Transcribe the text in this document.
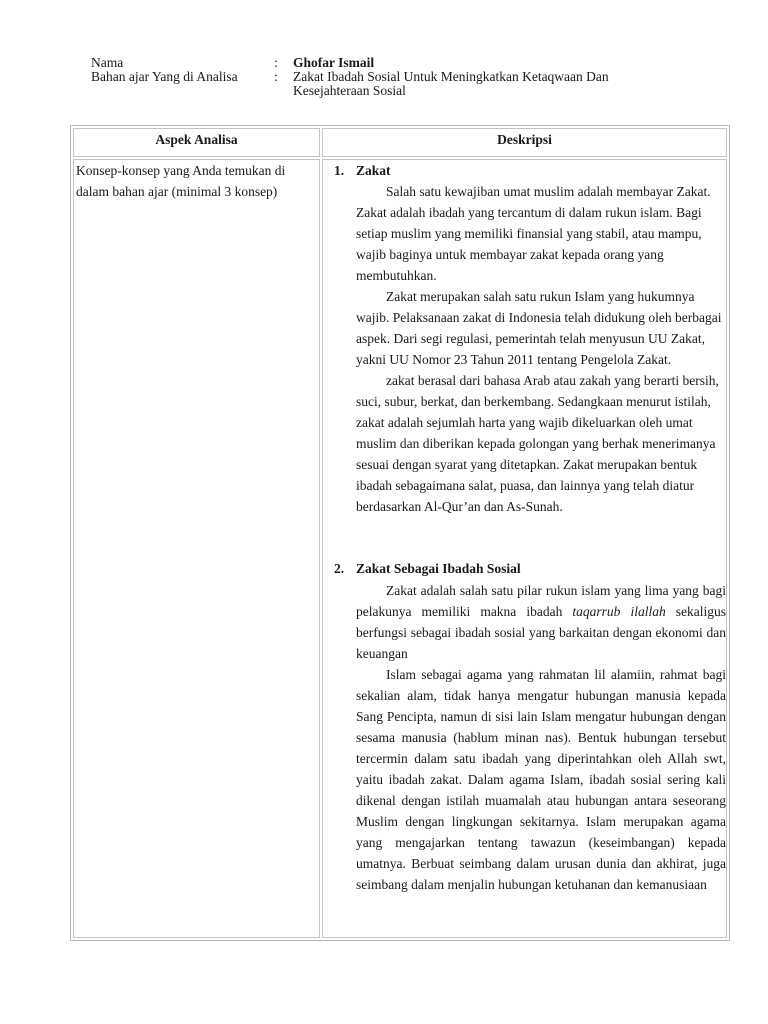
Nama	:	Ghofar Ismail
Bahan ajar Yang di Analisa	:	Zakat Ibadah Sosial Untuk Meningkatkan Ketaqwaan Dan
Kesejahteraan Sosial
Aspek Analisa	Deskripsi
Konsep-konsep yang Anda temukan di dalam bahan ajar (minimal 3 konsep)
1. Zakat

Salah satu kewajiban umat muslim adalah membayar Zakat. Zakat adalah ibadah yang tercantum di dalam rukun islam. Bagi setiap muslim yang memiliki finansial yang stabil, atau mampu, wajib baginya untuk membayar zakat kepada orang yang membutuhkan.

Zakat merupakan salah satu rukun Islam yang hukumnya wajib. Pelaksanaan zakat di Indonesia telah didukung oleh berbagai aspek. Dari segi regulasi, pemerintah telah menyusun UU Zakat, yakni UU Nomor 23 Tahun 2011 tentang Pengelola Zakat.

zakat berasal dari bahasa Arab atau zakah yang berarti bersih, suci, subur, berkat, dan berkembang. Sedangkaan menurut istilah, zakat adalah sejumlah harta yang wajib dikeluarkan oleh umat muslim dan diberikan kepada golongan yang berhak menerimanya sesuai dengan syarat yang ditetapkan. Zakat merupakan bentuk ibadah sebagaimana salat, puasa, dan lainnya yang telah diatur berdasarkan Al-Qur’an dan As-Sunah.

2. Zakat Sebagai Ibadah Sosial

Zakat adalah salah satu pilar rukun islam yang lima yang bagi pelakunya memiliki makna ibadah taqarrub ilallah sekaligus berfungsi sebagai ibadah sosial yang barkaitan dengan ekonomi dan keuangan

Islam sebagai agama yang rahmatan lil alamiin, rahmat bagi sekalian alam, tidak hanya mengatur hubungan manusia kepada Sang Pencipta, namun di sisi lain Islam mengatur hubungan dengan sesama manusia (hablum minan nas). Bentuk hubungan tersebut tercermin dalam satu ibadah yang diperintahkan oleh Allah swt, yaitu ibadah zakat. Dalam agama Islam, ibadah sosial sering kali dikenal dengan istilah muamalah atau hubungan antara seseorang Muslim dengan lingkungan sekitarnya. Islam merupakan agama yang mengajarkan tentang tawazun (keseimbangan) kepada umatnya. Berbuat seimbang dalam urusan dunia dan akhirat, juga seimbang dalam menjalin hubungan ketuhanan dan kemanusiaan
